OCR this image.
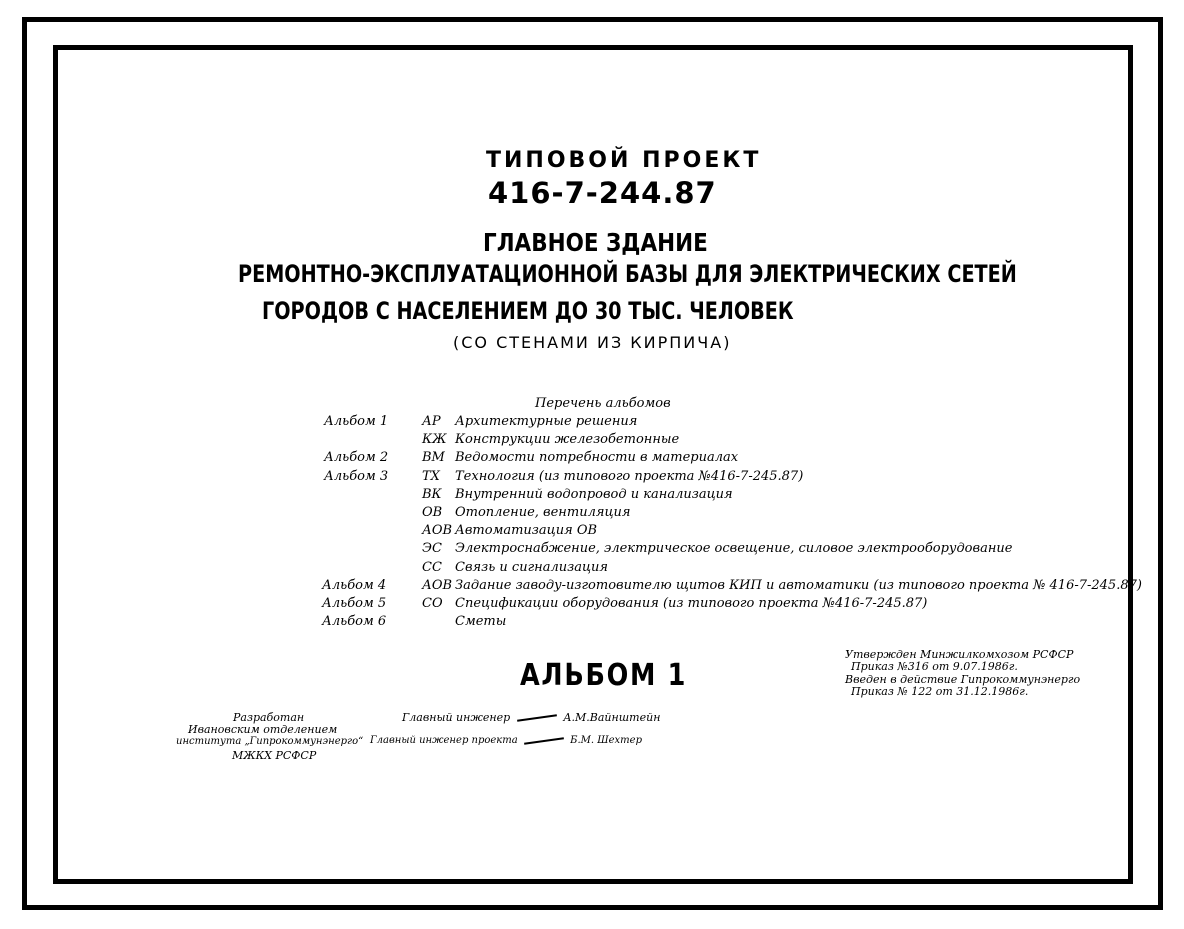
ТИПОВОЙ ПРОЕКТ
416-7-244.87
ГЛАВНОЕ ЗДАНИЕ
РЕМОНТНО-ЭКСПЛУАТАЦИОННОЙ БАЗЫ ДЛЯ ЭЛЕКТРИЧЕСКИХ СЕТЕЙ
ГОРОДОВ С НАСЕЛЕНИЕМ ДО 30 ТЫС. ЧЕЛОВЕК
(СО СТЕНАМИ ИЗ КИРПИЧА)
Перечень альбомов
Альбом 1	АР Архитектурные решения
КЖ Конструкции железобетонные
Альбом 2	ВМ Ведомости потребности в материалах
Альбом 3	ТХ Технология (из типового проекта №416-7-245.87)
ВК Внутренний водопровод и канализация
ОВ Отопление, вентиляция
АОВ Автоматизация ОВ
ЭС Электроснабжение, электрическое освещение, силовое электрооборудование
СС Связь и сигнализация
Альбом 4	АОВ Задание заводу-изготовителю щитов КИП и автоматики (из типового проекта № 416-7-245.87)
Альбом 5	СО Спецификации оборудования (из типового проекта №416-7-245.87)
Альбом 6	Сметы
АЛЬБОМ 1
Утвержден Минжилкомхозом РСФСР
Приказ №316 от 9.07.1986г.
Введен в действие Гипрокоммунэнерго
Приказ № 122 от 31.12.1986г.
Разработан
Ивановским отделением
института „Гипрокоммунэнерго“
МЖКХ РСФСР
Главный инженер	А.М.Вайнштейн
Главный инженер проекта	Б.М. Шехтер
